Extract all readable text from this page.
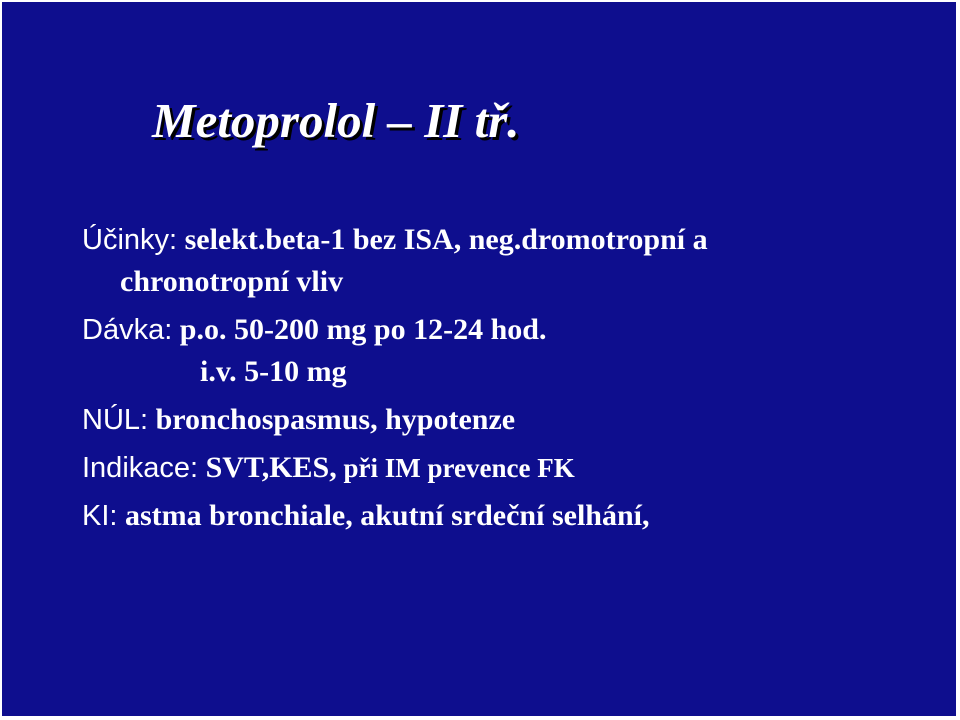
Metoprolol – II tř.
Účinky: selekt.beta-1 bez ISA, neg.dromotropní a
chronotropní vliv
Dávka: p.o. 50-200 mg po 12-24 hod.
i.v. 5-10 mg
NÚL: bronchospasmus, hypotenze
Indikace: SVT,KES, při IM prevence FK
KI: astma bronchiale, akutní srdeční selhání,
